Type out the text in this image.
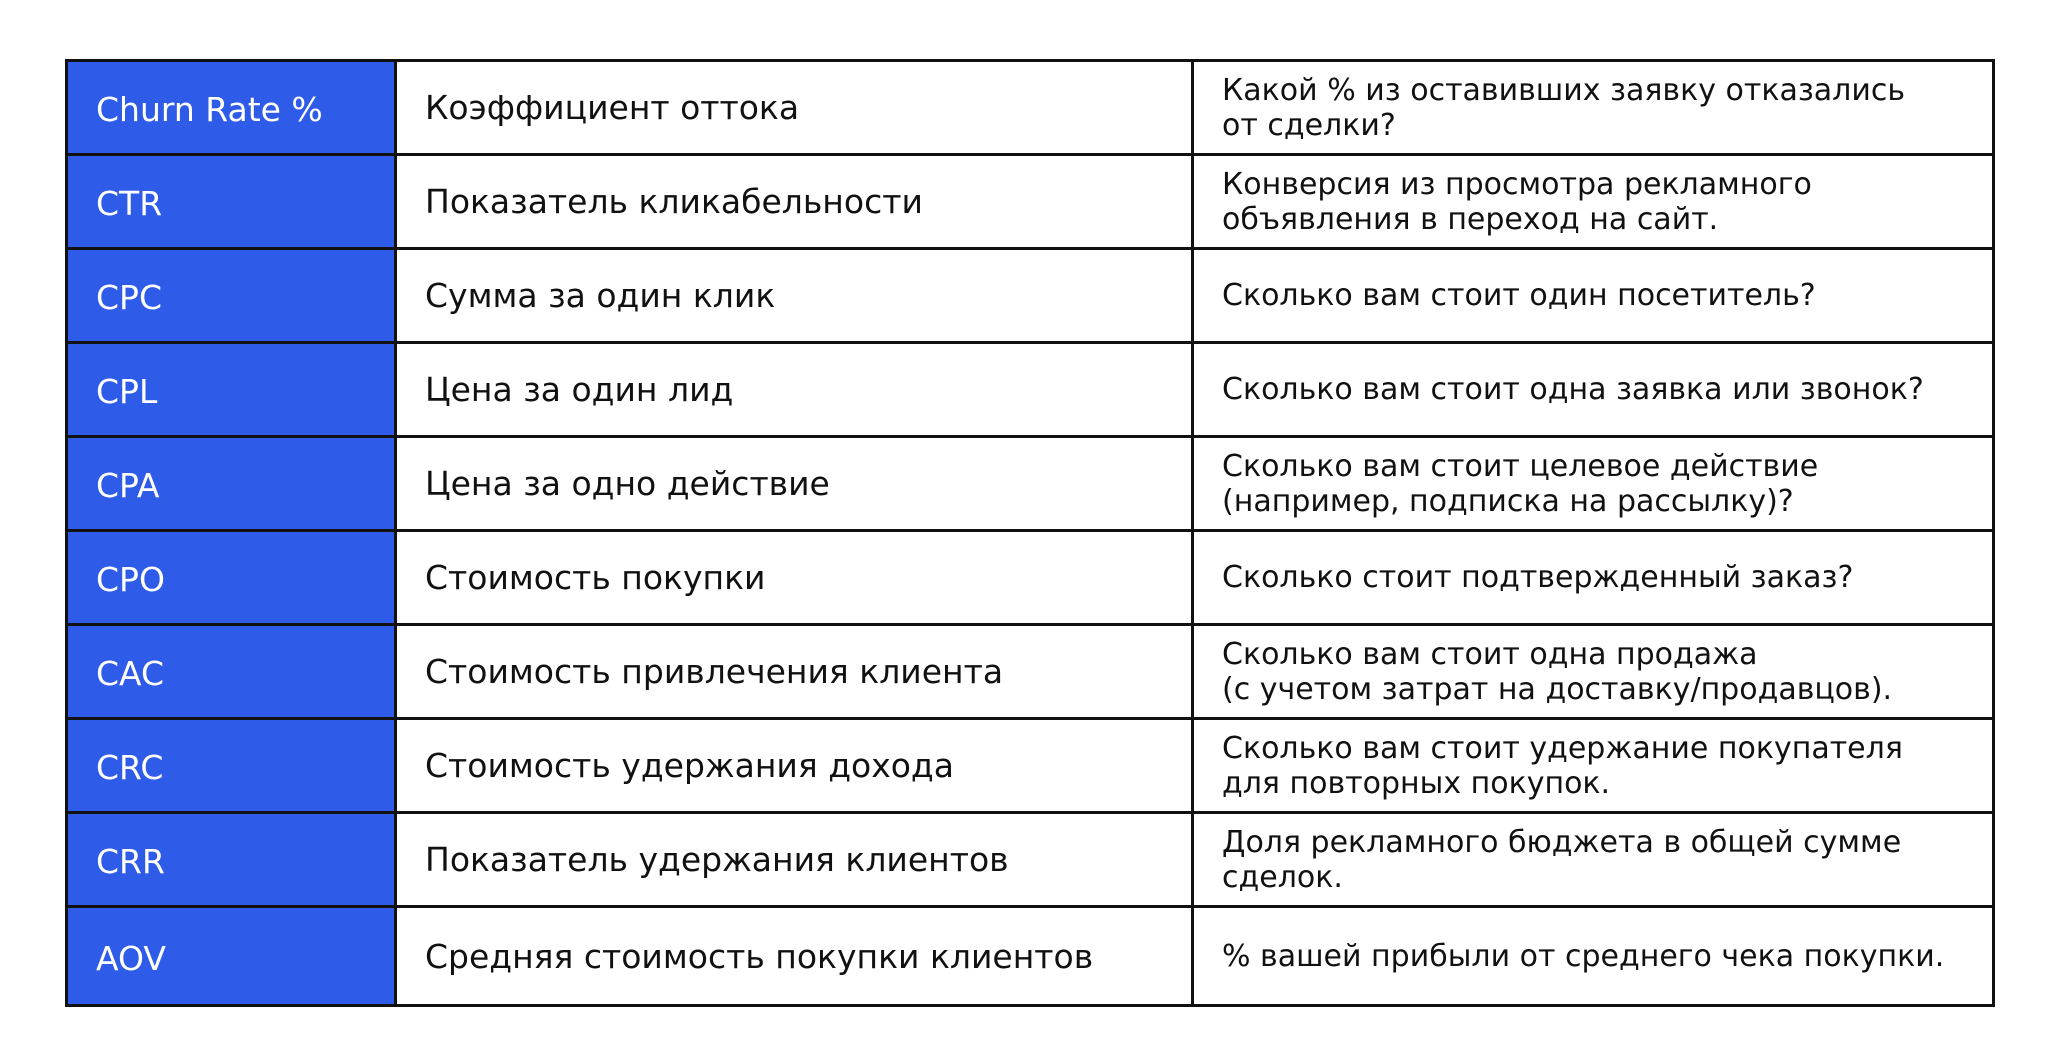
Churn Rate %	Коэффициент оттока	Какой % из оставивших заявку отказались
от сделки?

CTR	Показатель кликабельности	Конверсия из просмотра рекламного
объявления в переход на сайт.

CPC	Сумма за один клик	Сколько вам стоит один посетитель?

CPL	Цена за один лид	Сколько вам стоит одна заявка или звонок?

CPA	Цена за одно действие	Сколько вам стоит целевое действие
(например, подписка на рассылку)?

CPO	Стоимость покупки	Сколько стоит подтвержденный заказ?

CAC	Стоимость привлечения клиента	Сколько вам стоит одна продажа
(с учетом затрат на доставку/продавцов).

CRC	Стоимость удержания дохода	Сколько вам стоит удержание покупателя
для повторных покупок.

CRR	Показатель удержания клиентов	Доля рекламного бюджета в общей сумме
сделок.

AOV	Средняя стоимость покупки клиентов	% вашей прибыли от среднего чека покупки.
